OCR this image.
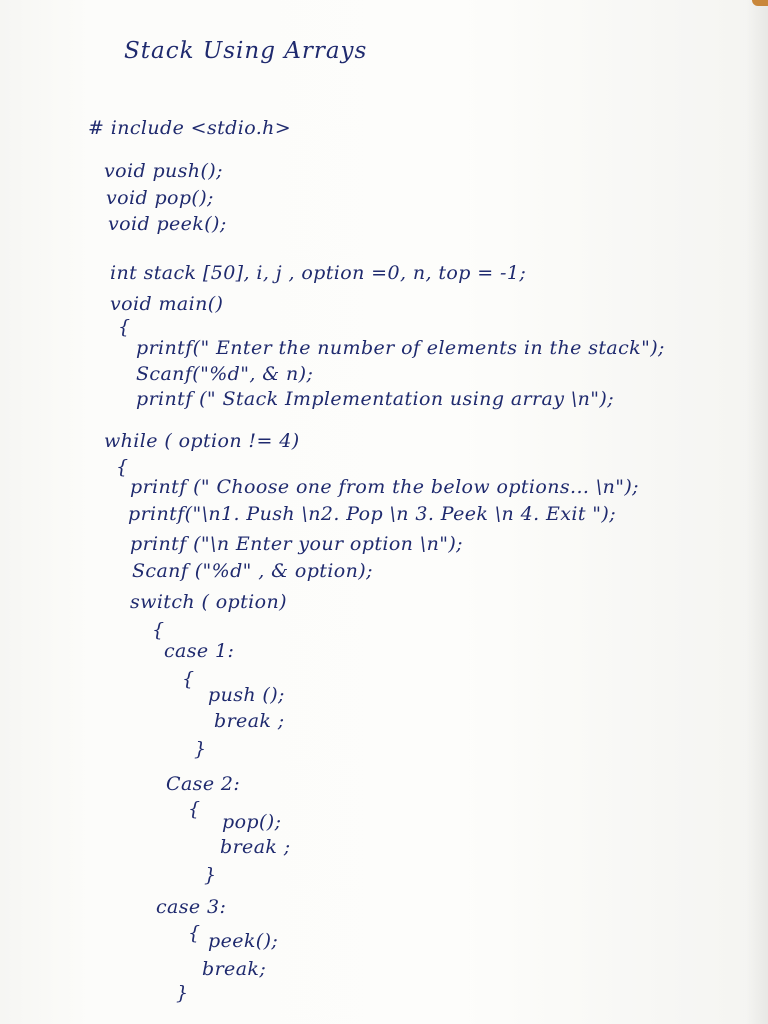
Stack Using Arrays
# include <stdio.h>
void push();
void pop();
void peek();
int stack [50], i, j , option =0, n, top = -1;
void main()
{
printf(" Enter the number of elements in the stack");
Scanf("%d", & n);
printf (" Stack Implementation using array \n");
while ( option != 4)
{
printf (" Choose one from the below options... \n");
printf("\n1. Push \n2. Pop \n 3. Peek \n 4. Exit ");
printf ("\n Enter your option \n");
Scanf ("%d" , & option);
switch ( option)
{
case 1:
{
push ();
break ;
}
Case 2:
{
pop();
break ;
}
case 3:
{ peek();
break;
}
